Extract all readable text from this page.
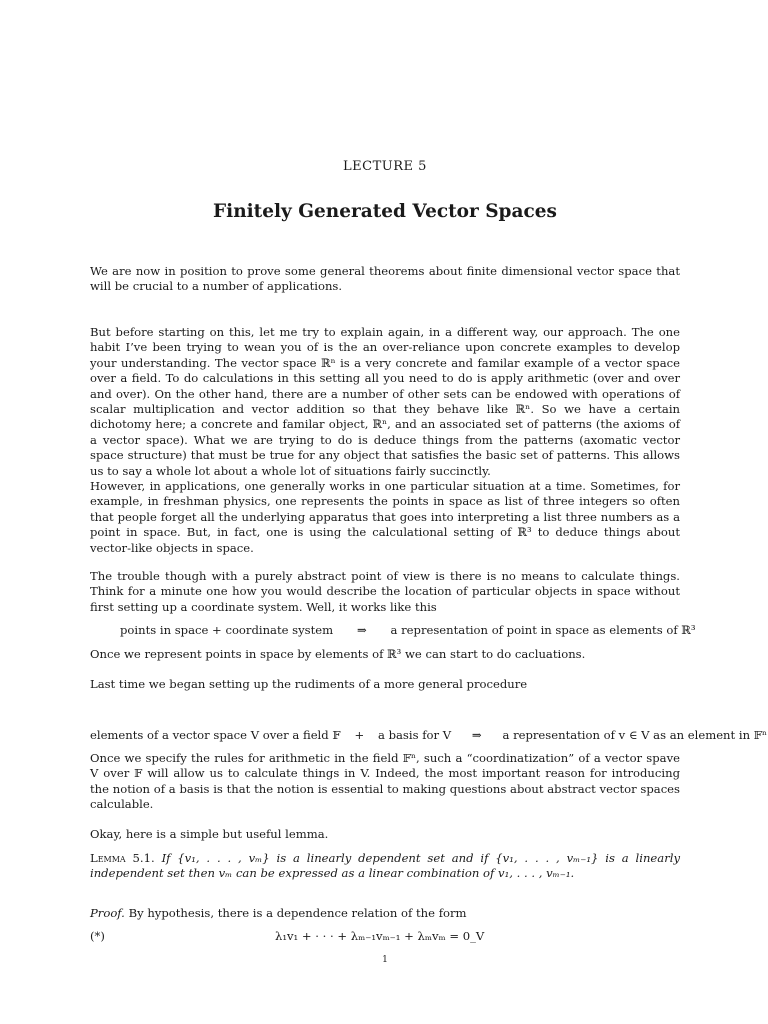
LECTURE 5
Finitely Generated Vector Spaces

We are now in position to prove some general theorems about finite dimensional vector space that will be crucial to a number of applications.

But before starting on this, let me try to explain again, in a different way, our approach. The one habit I’ve been trying to wean you of is the an over-reliance upon concrete examples to develop your understanding. The vector space ℝⁿ is a very concrete and familar example of a vector space over a field. To do calculations in this setting all you need to do is apply arithmetic (over and over and over). On the other hand, there are a number of other sets can be endowed with operations of scalar multiplication and vector addition so that they behave like ℝⁿ. So we have a certain dichotomy here; a concrete and familar object, ℝⁿ, and an associated set of patterns (the axioms of a vector space). What we are trying to do is deduce things from the patterns (axomatic vector space structure) that must be true for any object that satisfies the basic set of patterns. This allows us to say a whole lot about a whole lot of situations fairly succinctly.

However, in applications, one generally works in one particular situation at a time. Sometimes, for example, in freshman physics, one represents the points in space as list of three integers so often that people forget all the underlying apparatus that goes into interpreting a list three numbers as a point in space. But, in fact, one is using the calculational setting of ℝ³ to deduce things about vector-like objects in space.

The trouble though with a purely abstract point of view is there is no means to calculate things. Think for a minute one how you would describe the location of particular objects in space without first setting up a coordinate system. Well, it works like this

points in space + coordinate system ⇒ a representation of point in space as elements of ℝ³

Once we represent points in space by elements of ℝ³ we can start to do cacluations.

Last time we began setting up the rudiments of a more general procedure

elements of a vector space V over a field 𝔽 + a basis for V ⇒ a representation of v ∈ V as an element in 𝔽ⁿ

Once we specify the rules for arithmetic in the field 𝔽ⁿ, such a “coordinatization” of a vector spave V over 𝔽 will allow us to calculate things in V. Indeed, the most important reason for introducing the notion of a basis is that the notion is essential to making questions about abstract vector spaces calculable.

Okay, here is a simple but useful lemma.

Lemma 5.1. If {v₁, . . . , vₘ} is a linearly dependent set and if {v₁, . . . , vₘ₋₁} is a linearly independent set then vₘ can be expressed as a linear combination of v₁, . . . , vₘ₋₁.

Proof. By hypothesis, there is a dependence relation of the form

(*)	λ₁v₁ + · · · + λₘ₋₁vₘ₋₁ + λₘvₘ = 0_V
1
